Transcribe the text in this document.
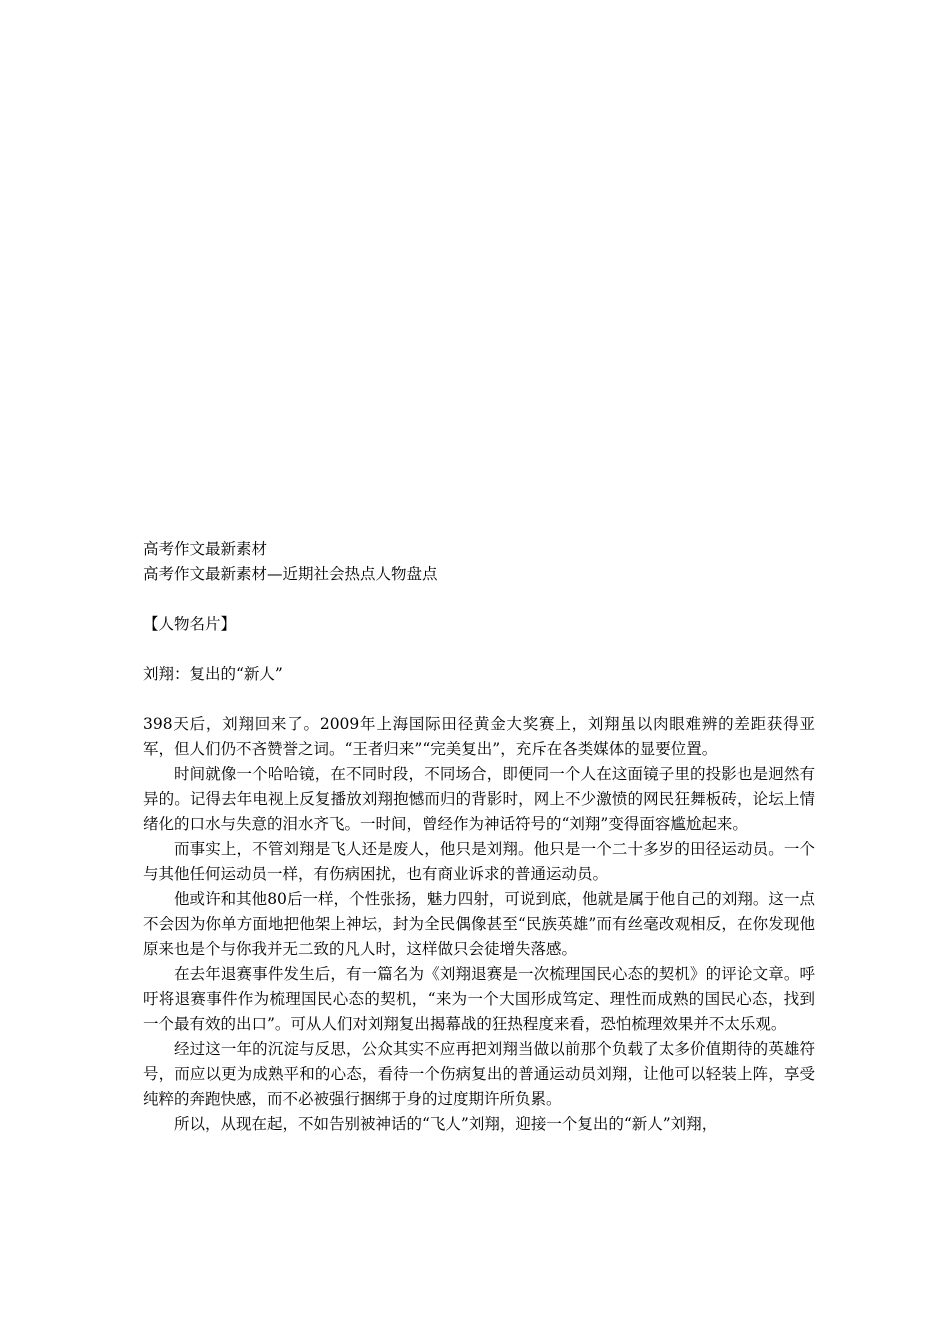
高考作文最新素材

高考作文最新素材—近期社会热点人物盘点

【人物名片】

刘翔：复出的“新人”

398天后，刘翔回来了。2009年上海国际田径黄金大奖赛上，刘翔虽以肉眼难辨的差距获得亚军，但人们仍不吝赞誉之词。“王者归来”“完美复出”，充斥在各类媒体的显要位置。

时间就像一个哈哈镜，在不同时段，不同场合，即便同一个人在这面镜子里的投影也是迥然有异的。记得去年电视上反复播放刘翔抱憾而归的背影时，网上不少激愤的网民狂舞板砖，论坛上情绪化的口水与失意的泪水齐飞。一时间，曾经作为神话符号的“刘翔”变得面容尴尬起来。

而事实上，不管刘翔是飞人还是废人，他只是刘翔。他只是一个二十多岁的田径运动员。一个与其他任何运动员一样，有伤病困扰，也有商业诉求的普通运动员。

他或许和其他80后一样，个性张扬，魅力四射，可说到底，他就是属于他自己的刘翔。这一点不会因为你单方面地把他架上神坛，封为全民偶像甚至“民族英雄”而有丝毫改观相反，在你发现他原来也是个与你我并无二致的凡人时，这样做只会徒增失落感。

在去年退赛事件发生后，有一篇名为《刘翔退赛是一次梳理国民心态的契机》的评论文章。呼吁将退赛事件作为梳理国民心态的契机，“来为一个大国形成笃定、理性而成熟的国民心态，找到一个最有效的出口”。可从人们对刘翔复出揭幕战的狂热程度来看，恐怕梳理效果并不太乐观。

经过这一年的沉淀与反思，公众其实不应再把刘翔当做以前那个负载了太多价值期待的英雄符号，而应以更为成熟平和的心态，看待一个伤病复出的普通运动员刘翔，让他可以轻装上阵，享受纯粹的奔跑快感，而不必被强行捆绑于身的过度期许所负累。

所以，从现在起，不如告别被神话的“飞人”刘翔，迎接一个复出的“新人”刘翔，
